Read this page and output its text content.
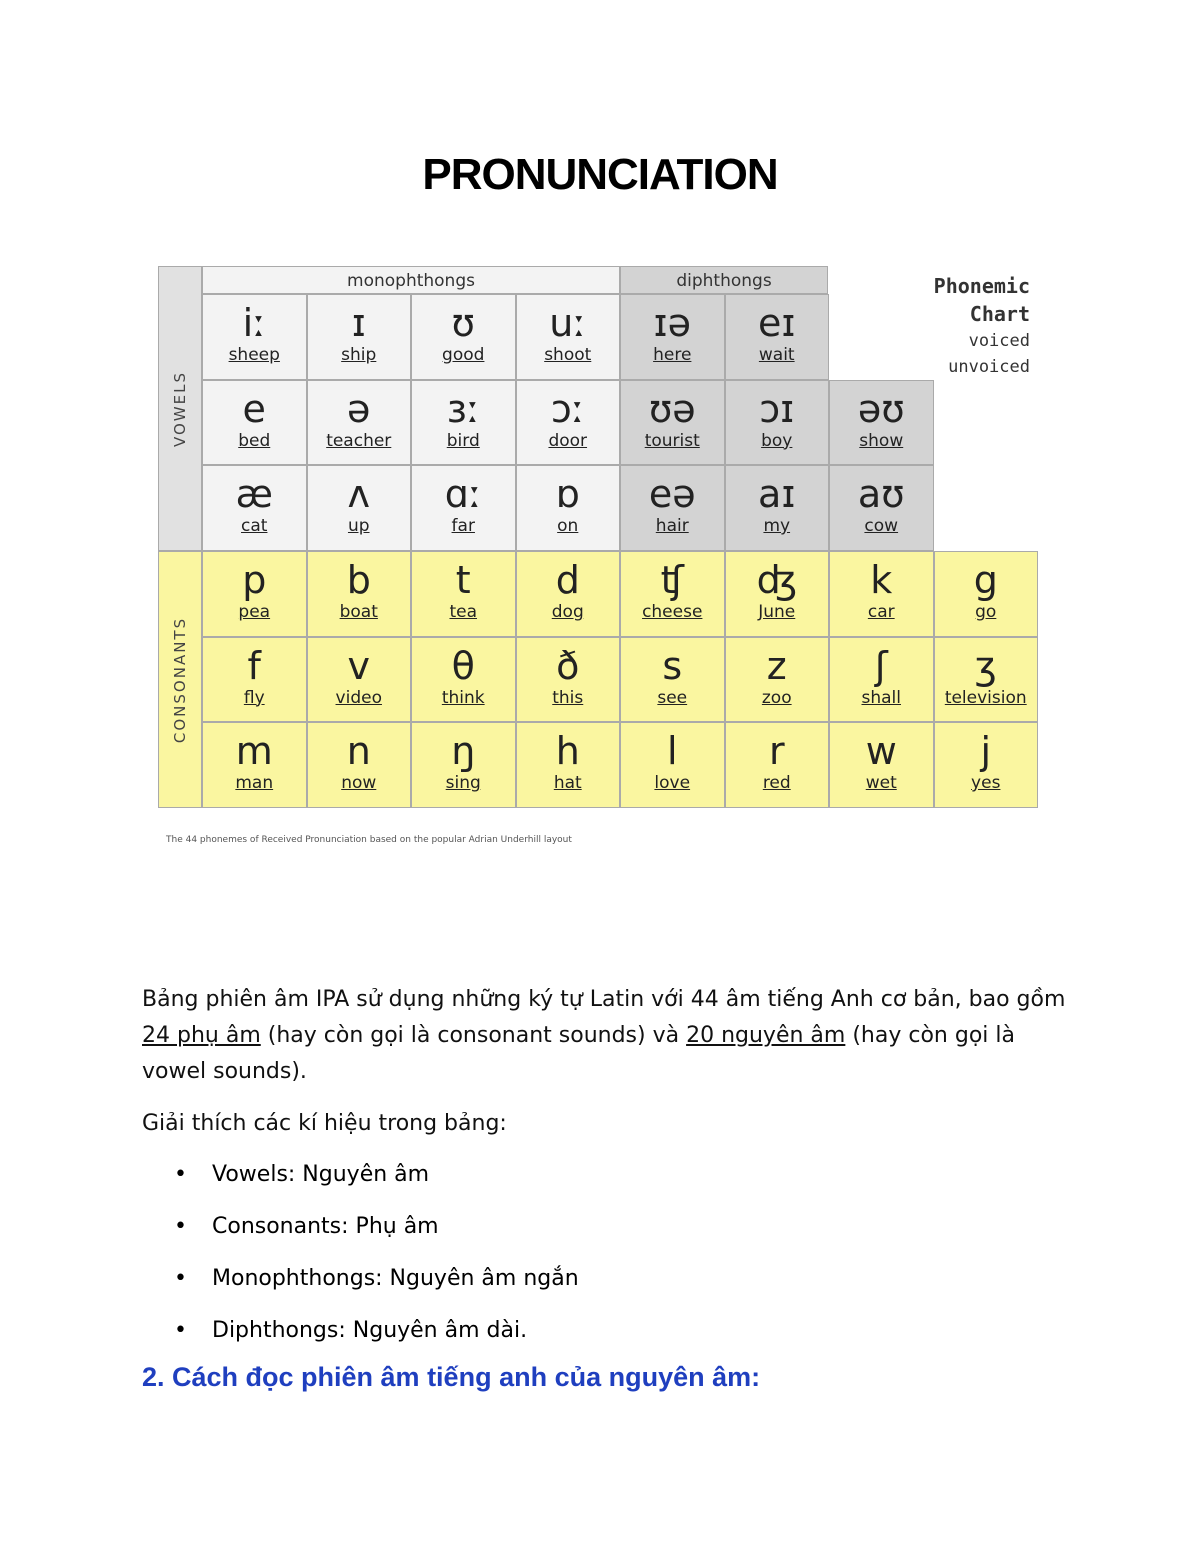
PRONUNCIATION
VOWELS
CONSONANTS
monophthongs	diphthongs	Phonemic
Chart
voiced
unvoiced
iː
sheep
ɪ
ship
ʊ
good
uː
shoot
ɪə
here
eɪ
wait
e
bed
ə
teacher
ɜː
bird
ɔː
door
ʊə
tourist
ɔɪ
boy
əʊ
show
æ
cat
ʌ
up
ɑː
far
ɒ
on
eə
hair
aɪ
my
aʊ
cow
p
pea
b
boat
t
tea
d
dog
ʧ
cheese
ʤ
June
k
car
g
go
f
fly
v
video
θ
think
ð
this
s
see
z
zoo
ʃ
shall
ʒ
television
m
man
n
now
ŋ
sing
h
hat
l
love
r
red
w
wet
j
yes
The 44 phonemes of Received Pronunciation based on the popular Adrian Underhill layout
Bảng phiên âm IPA sử dụng những ký tự Latin với 44 âm tiếng Anh cơ bản, bao gồm 24 phụ âm (hay còn gọi là consonant sounds) và 20 nguyên âm (hay còn gọi là vowel sounds).
Giải thích các kí hiệu trong bảng:
• Vowels: Nguyên âm
• Consonants: Phụ âm
• Monophthongs: Nguyên âm ngắn
• Diphthongs: Nguyên âm dài.
2. Cách đọc phiên âm tiếng anh của nguyên âm:
